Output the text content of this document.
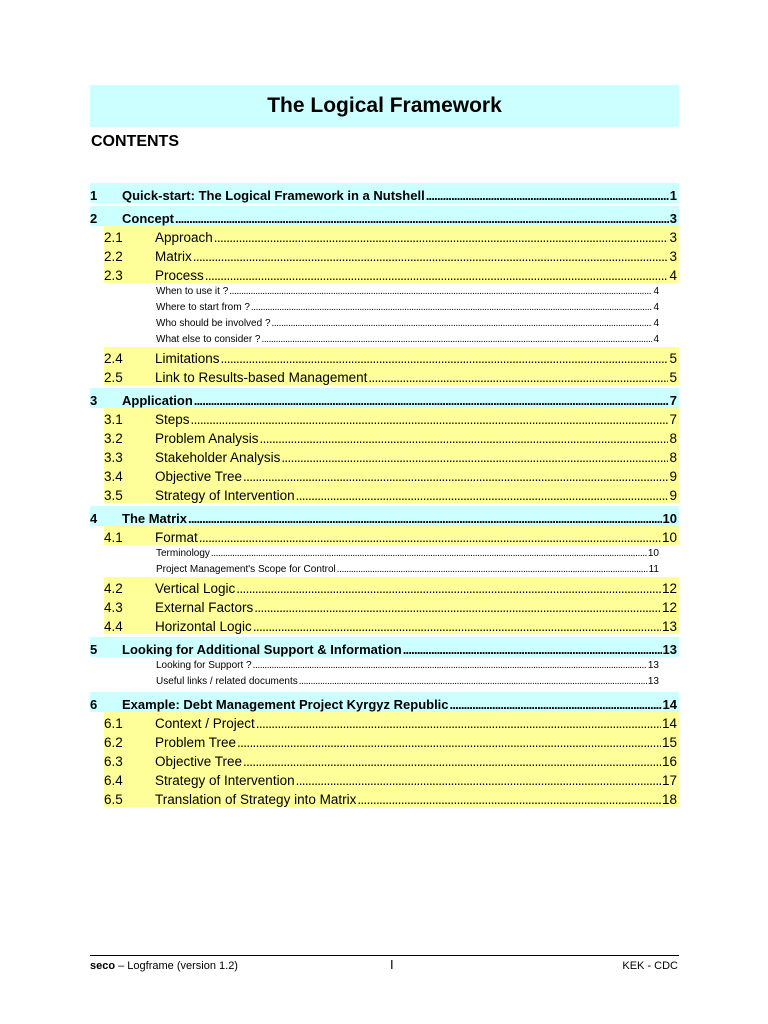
The Logical Framework
CONTENTS
1	Quick-start: The Logical Framework in a Nutshell . . .	1
2	Concept . . .	3
2.1	Approach . . .	3
2.2	Matrix . . .	3
2.3	Process . . .	4
When to use it ? . . .	4
Where to start from ? . . .	4
Who should be involved ? . . .	4
What else to consider ? . . .	4
2.4	Limitations . . .	5
2.5	Link to Results-based Management . . .	5
3	Application . . .	7
3.1	Steps . . .	7
3.2	Problem Analysis . . .	8
3.3	Stakeholder Analysis . . .	8
3.4	Objective Tree . . .	9
3.5	Strategy of Intervention . . .	9
4	The Matrix . . .	10
4.1	Format . . .	10
Terminology . . .	10
Project Management's Scope for Control . . .	11
4.2	Vertical Logic . . .	12
4.3	External Factors . . .	12
4.4	Horizontal Logic . . .	13
5	Looking for Additional Support & Information . . .	13
Looking for Support ? . . .	13
Useful links / related documents . . .	13
6	Example: Debt Management Project Kyrgyz Republic . . .	14
6.1	Context / Project . . .	14
6.2	Problem Tree . . .	15
6.3	Objective Tree . . .	16
6.4	Strategy of Intervention . . .	17
6.5	Translation of Strategy into Matrix . . .	18
seco – Logframe (version 1.2)	I	KEK - CDC
